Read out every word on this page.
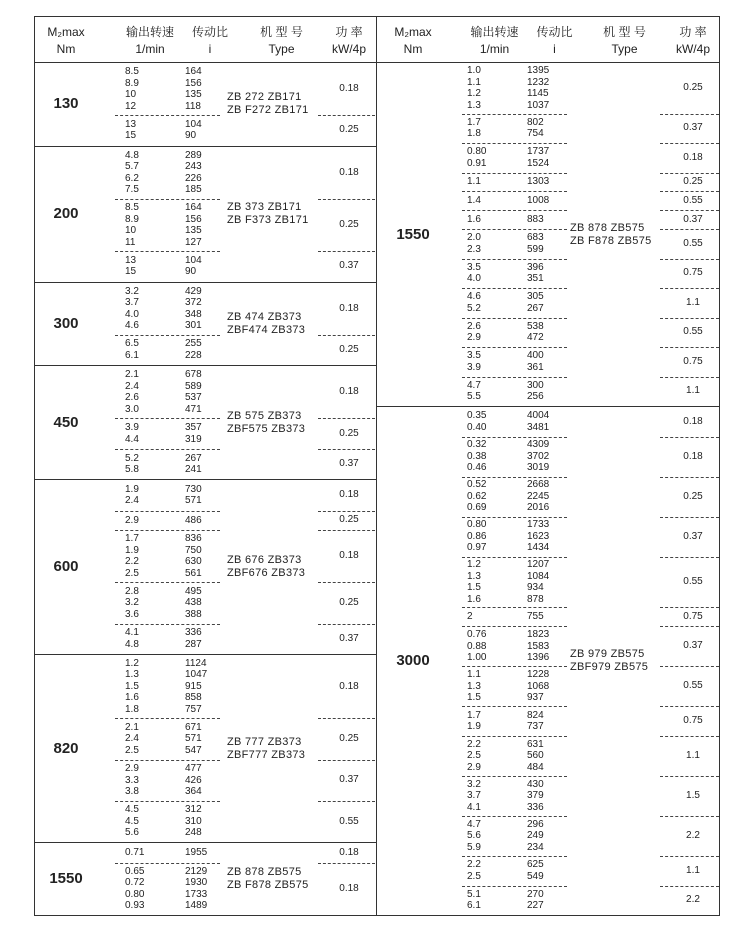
M₂max
Nm
输出转速
1/min
传动比
i
机 型 号
Type
功 率
kW/4p
130	ZB 272 ZB171
ZB F272 ZB171
8.5	164
8.9	156
10	135
12	118
0.18
13	104
15	90
0.25
200	ZB 373 ZB171
ZB F373 ZB171
4.8	289
5.7	243
6.2	226
7.5	185
0.18
8.5	164
8.9	156
10	135
11	127
0.25
13	104
15	90
0.37
300	ZB 474 ZB373
ZBF474 ZB373
3.2	429
3.7	372
4.0	348
4.6	301
0.18
6.5	255
6.1	228
0.25
450	ZB 575 ZB373
ZBF575 ZB373
2.1	678
2.4	589
2.6	537
3.0	471
0.18
3.9	357
4.4	319
0.25
5.2	267
5.8	241
0.37
600	ZB 676 ZB373
ZBF676 ZB373
1.9	730
2.4	571
0.18
2.9	486	0.25
1.7	836
1.9	750
2.2	630
2.5	561
0.18
2.8	495
3.2	438
3.6	388
0.25
4.1	336
4.8	287
0.37
820	ZB 777 ZB373
ZBF777 ZB373
1.2	1124
1.3	1047
1.5	915
1.6	858
1.8	757
0.18
2.1	671
2.4	571
2.5	547
0.25
2.9	477
3.3	426
3.8	364
0.37
4.5	312
4.5	310
5.6	248
0.55
1550	ZB 878 ZB575
ZB F878 ZB575
0.71	1955	0.18
0.65	2129
0.72	1930
0.80	1733
0.93	1489
0.18
M₂max
Nm
输出转速
1/min
传动比
i
机 型 号
Type
功 率
kW/4p
1550	ZB 878 ZB575
ZB F878 ZB575
1.0	1395
1.1	1232
1.2	1145
1.3	1037
0.25
1.7	802
1.8	754
0.37
0.80	1737
0.91	1524
0.18
1.1	1303	0.25
1.4	1008	0.55
1.6	883	0.37
2.0	683
2.3	599
0.55
3.5	396
4.0	351
0.75
4.6	305
5.2	267
1.1
2.6	538
2.9	472
0.55
3.5	400
3.9	361
0.75
4.7	300
5.5	256
1.1
3000	ZB 979 ZB575
ZBF979 ZB575
0.35	4004
0.40	3481
0.18
0.32	4309
0.38	3702
0.46	3019
0.18
0.52	2668
0.62	2245
0.69	2016
0.25
0.80	1733
0.86	1623
0.97	1434
0.37
1.2	1207
1.3	1084
1.5	934
1.6	878
0.55
2	755	0.75
0.76	1823
0.88	1583
1.00	1396
0.37
1.1	1228
1.3	1068
1.5	937
0.55
1.7	824
1.9	737
0.75
2.2	631
2.5	560
2.9	484
1.1
3.2	430
3.7	379
4.1	336
1.5
4.7	296
5.6	249
5.9	234
2.2
2.2	625
2.5	549
1.1
5.1	270
6.1	227
2.2
